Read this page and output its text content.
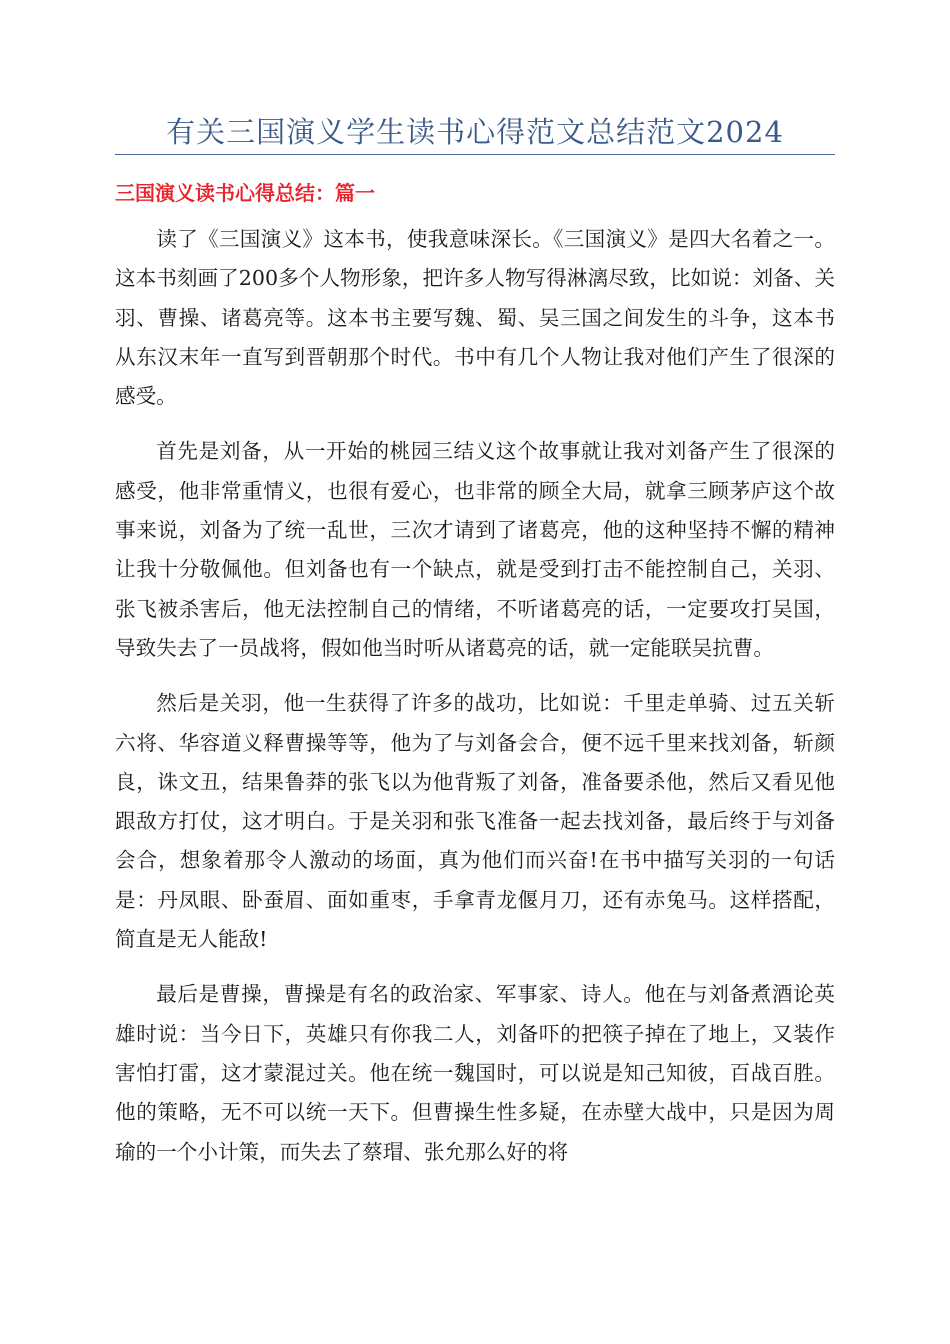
有关三国演义学生读书心得范文总结范文2024
三国演义读书心得总结：篇一

读了《三国演义》这本书，使我意味深长。《三国演义》是四大名着之一。这本书刻画了200多个人物形象，把许多人物写得淋漓尽致，比如说：刘备、关羽、曹操、诸葛亮等。这本书主要写魏、蜀、吴三国之间发生的斗争，这本书从东汉末年一直写到晋朝那个时代。书中有几个人物让我对他们产生了很深的感受。

首先是刘备，从一开始的桃园三结义这个故事就让我对刘备产生了很深的感受，他非常重情义，也很有爱心，也非常的顾全大局，就拿三顾茅庐这个故事来说，刘备为了统一乱世，三次才请到了诸葛亮，他的这种坚持不懈的精神让我十分敬佩他。但刘备也有一个缺点，就是受到打击不能控制自己，关羽、张飞被杀害后，他无法控制自己的情绪，不听诸葛亮的话，一定要攻打吴国，导致失去了一员战将，假如他当时听从诸葛亮的话，就一定能联吴抗曹。

然后是关羽，他一生获得了许多的战功，比如说：千里走单骑、过五关斩六将、华容道义释曹操等等，他为了与刘备会合，便不远千里来找刘备，斩颜良，诛文丑，结果鲁莽的张飞以为他背叛了刘备，准备要杀他，然后又看见他跟敌方打仗，这才明白。于是关羽和张飞准备一起去找刘备，最后终于与刘备会合，想象着那令人激动的场面，真为他们而兴奋!在书中描写关羽的一句话是：丹凤眼、卧蚕眉、面如重枣，手拿青龙偃月刀，还有赤兔马。这样搭配，简直是无人能敌!

最后是曹操，曹操是有名的政治家、军事家、诗人。他在与刘备煮酒论英雄时说：当今日下，英雄只有你我二人，刘备吓的把筷子掉在了地上，又装作害怕打雷，这才蒙混过关。他在统一魏国时，可以说是知己知彼，百战百胜。他的策略，无不可以统一天下。但曹操生性多疑，在赤壁大战中，只是因为周瑜的一个小计策，而失去了蔡瑁、张允那么好的将
